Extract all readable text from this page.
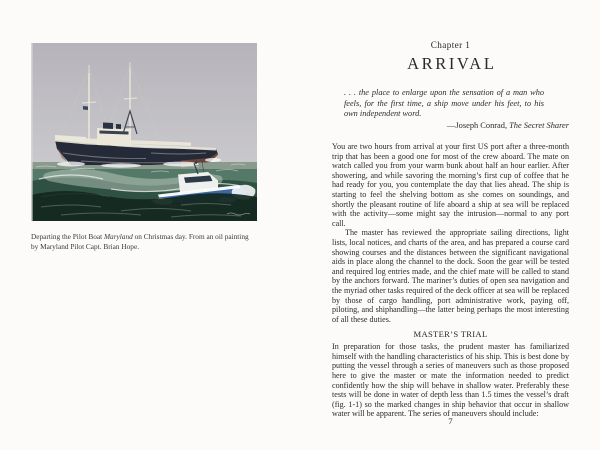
Departing the Pilot Boat Maryland on Christmas day. From an oil painting by Maryland Pilot Capt. Brian Hope.
Chapter 1
ARRIVAL
. . . the place to enlarge upon the sensation of a man who feels, for the first time, a ship move under his feet, to his own independent word.

—Joseph Conrad, The Secret Sharer

You are two hours from arrival at your first US port after a three-month trip that has been a good one for most of the crew aboard. The mate on watch called you from your warm bunk about half an hour earlier. After showering, and while savoring the morning’s first cup of coffee that he had ready for you, you contemplate the day that lies ahead. The ship is starting to feel the shelving bottom as she comes on soundings, and shortly the pleasant routine of life aboard a ship at sea will be replaced with the activity—some might say the intrusion—normal to any port call.

The master has reviewed the appropriate sailing directions, light lists, local notices, and charts of the area, and has prepared a course card showing courses and the distances between the significant navigational aids in place along the channel to the dock. Soon the gear will be tested and required log entries made, and the chief mate will be called to stand by the anchors forward. The mariner’s duties of open sea navigation and the myriad other tasks required of the deck officer at sea will be replaced by those of cargo handling, port administrative work, paying off, piloting, and shiphandling—the latter being perhaps the most interesting of all these duties.

MASTER’S TRIAL

In preparation for those tasks, the prudent master has familiarized himself with the handling characteristics of his ship. This is best done by putting the vessel through a series of maneuvers such as those proposed here to give the master or mate the information needed to predict confidently how the ship will behave in shallow water. Preferably these tests will be done in water of depth less than 1.5 times the vessel’s draft (fig. 1-1) so the marked changes in ship behavior that occur in shallow water will be apparent. The series of maneuvers should include:

7
